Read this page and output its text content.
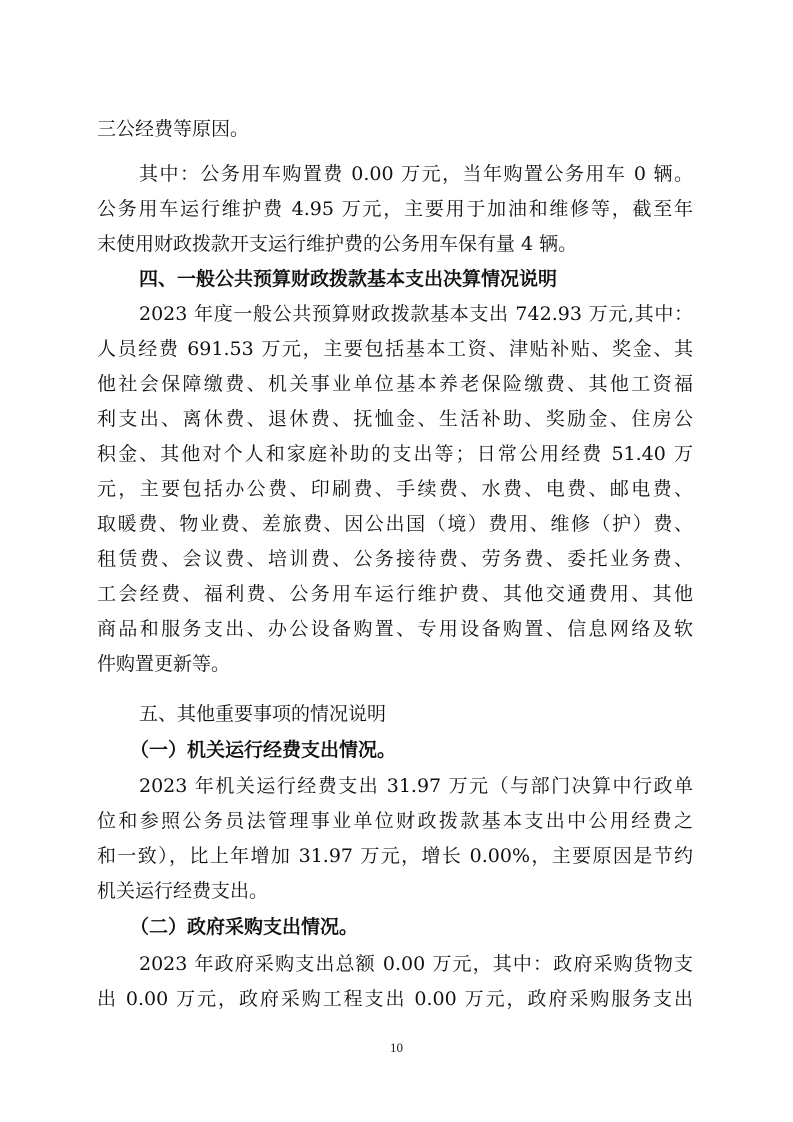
三公经费等原因。
其中：公务用车购置费 0.00 万元，当年购置公务用车 0 辆。
公务用车运行维护费 4.95 万元，主要用于加油和维修等，截至年
末使用财政拨款开支运行维护费的公务用车保有量 4 辆。
四、一般公共预算财政拨款基本支出决算情况说明
2023 年度一般公共预算财政拨款基本支出 742.93 万元,其中：
人员经费 691.53 万元，主要包括基本工资、津贴补贴、奖金、其
他社会保障缴费、机关事业单位基本养老保险缴费、其他工资福
利支出、离休费、退休费、抚恤金、生活补助、奖励金、住房公
积金、其他对个人和家庭补助的支出等；日常公用经费 51.40 万
元，主要包括办公费、印刷费、手续费、水费、电费、邮电费、
取暖费、物业费、差旅费、因公出国（境）费用、维修（护）费、
租赁费、会议费、培训费、公务接待费、劳务费、委托业务费、
工会经费、福利费、公务用车运行维护费、其他交通费用、其他
商品和服务支出、办公设备购置、专用设备购置、信息网络及软
件购置更新等。
五、其他重要事项的情况说明
（一）机关运行经费支出情况。
2023 年机关运行经费支出 31.97 万元（与部门决算中行政单
位和参照公务员法管理事业单位财政拨款基本支出中公用经费之
和一致），比上年增加 31.97 万元，增长 0.00%，主要原因是节约
机关运行经费支出。
（二）政府采购支出情况。
2023 年政府采购支出总额 0.00 万元，其中：政府采购货物支
出 0.00 万元，政府采购工程支出 0.00 万元，政府采购服务支出
10
